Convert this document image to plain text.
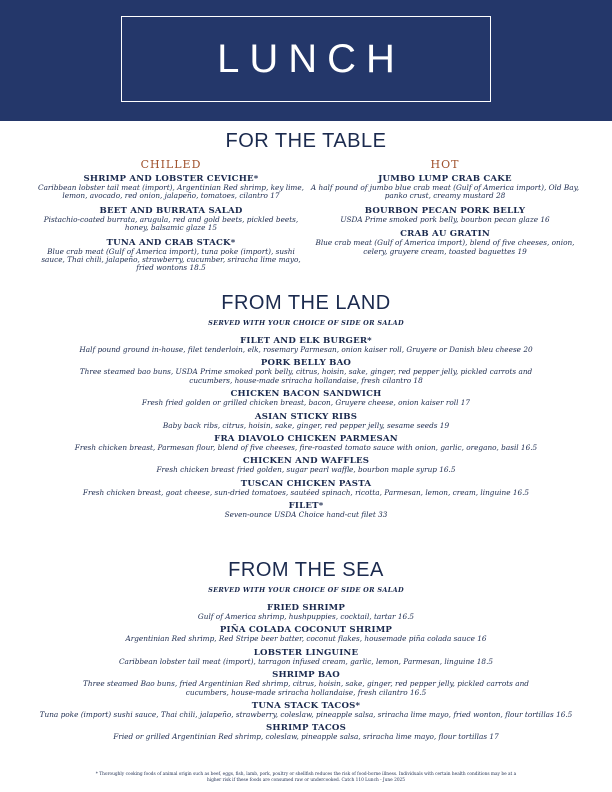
LUNCH
FOR THE TABLE
CHILLED
SHRIMP AND LOBSTER CEVICHE*
Caribbean lobster tail meat (import), Argentinian Red shrimp, key lime, lemon, avocado, red onion, jalapeño, tomatoes, cilantro 17
BEET AND BURRATA SALAD
Pistachio-coated burrata, arugula, red and gold beets, pickled beets, honey, balsamic glaze 15
TUNA AND CRAB STACK*
Blue crab meat (Gulf of America import), tuna poke (import), sushi sauce, Thai chili, jalapeño, strawberry, cucumber, sriracha lime mayo, fried wontons 18.5
HOT
JUMBO LUMP CRAB CAKE
A half pound of jumbo blue crab meat (Gulf of America import), Old Bay, panko crust, creamy mustard 28
BOURBON PECAN PORK BELLY
USDA Prime smoked pork belly, bourbon pecan glaze 16
CRAB AU GRATIN
Blue crab meat (Gulf of America import), blend of five cheeses, onion, celery, gruyere cream, toasted baguettes 19
FROM THE LAND
SERVED WITH YOUR CHOICE OF SIDE OR SALAD
FILET AND ELK BURGER*
Half pound ground in-house, filet tenderloin, elk, rosemary Parmesan, onion kaiser roll, Gruyere or Danish bleu cheese 20
PORK BELLY BAO
Three steamed bao buns, USDA Prime smoked pork belly, citrus, hoisin, sake, ginger, red pepper jelly, pickled carrots and cucumbers, house-made sriracha hollandaise, fresh cilantro 18
CHICKEN BACON SANDWICH
Fresh fried golden or grilled chicken breast, bacon, Gruyere cheese, onion kaiser roll 17
ASIAN STICKY RIBS
Baby back ribs, citrus, hoisin, sake, ginger, red pepper jelly, sesame seeds 19
FRA DIAVOLO CHICKEN PARMESAN
Fresh chicken breast, Parmesan flour, blend of five cheeses, fire-roasted tomato sauce with onion, garlic, oregano, basil 16.5
CHICKEN AND WAFFLES
Fresh chicken breast fried golden, sugar pearl waffle, bourbon maple syrup 16.5
TUSCAN CHICKEN PASTA
Fresh chicken breast, goat cheese, sun-dried tomatoes, sautéed spinach, ricotta, Parmesan, lemon, cream, linguine 16.5
FILET*
Seven-ounce USDA Choice hand-cut filet 33
FROM THE SEA
SERVED WITH YOUR CHOICE OF SIDE OR SALAD
FRIED SHRIMP
Gulf of America shrimp, hushpuppies, cocktail, tartar 16.5
PIÑA COLADA COCONUT SHRIMP
Argentinian Red shrimp, Red Stripe beer batter, coconut flakes, housemade piña colada sauce 16
LOBSTER LINGUINE
Caribbean lobster tail meat (import), tarragon infused cream, garlic, lemon, Parmesan, linguine 18.5
SHRIMP BAO
Three steamed Bao buns, fried Argentinian Red shrimp, citrus, hoisin, sake, ginger, red pepper jelly, pickled carrots and cucumbers, house-made sriracha hollandaise, fresh cilantro 16.5
TUNA STACK TACOS*
Tuna poke (import) sushi sauce, Thai chili, jalapeño, strawberry, coleslaw, pineapple salsa, sriracha lime mayo, fried wonton, flour tortillas 16.5
SHRIMP TACOS
Fried or grilled Argentinian Red shrimp, coleslaw, pineapple salsa, sriracha lime mayo, flour tortillas 17
* Thoroughly cooking foods of animal origin such as beef, eggs, fish, lamb, pork, poultry or shellfish reduces the risk of food-borne illness. Individuals with certain health conditions may be at a higher risk if these foods are consumed raw or undercooked. Catch 110 Lunch - June 2025
